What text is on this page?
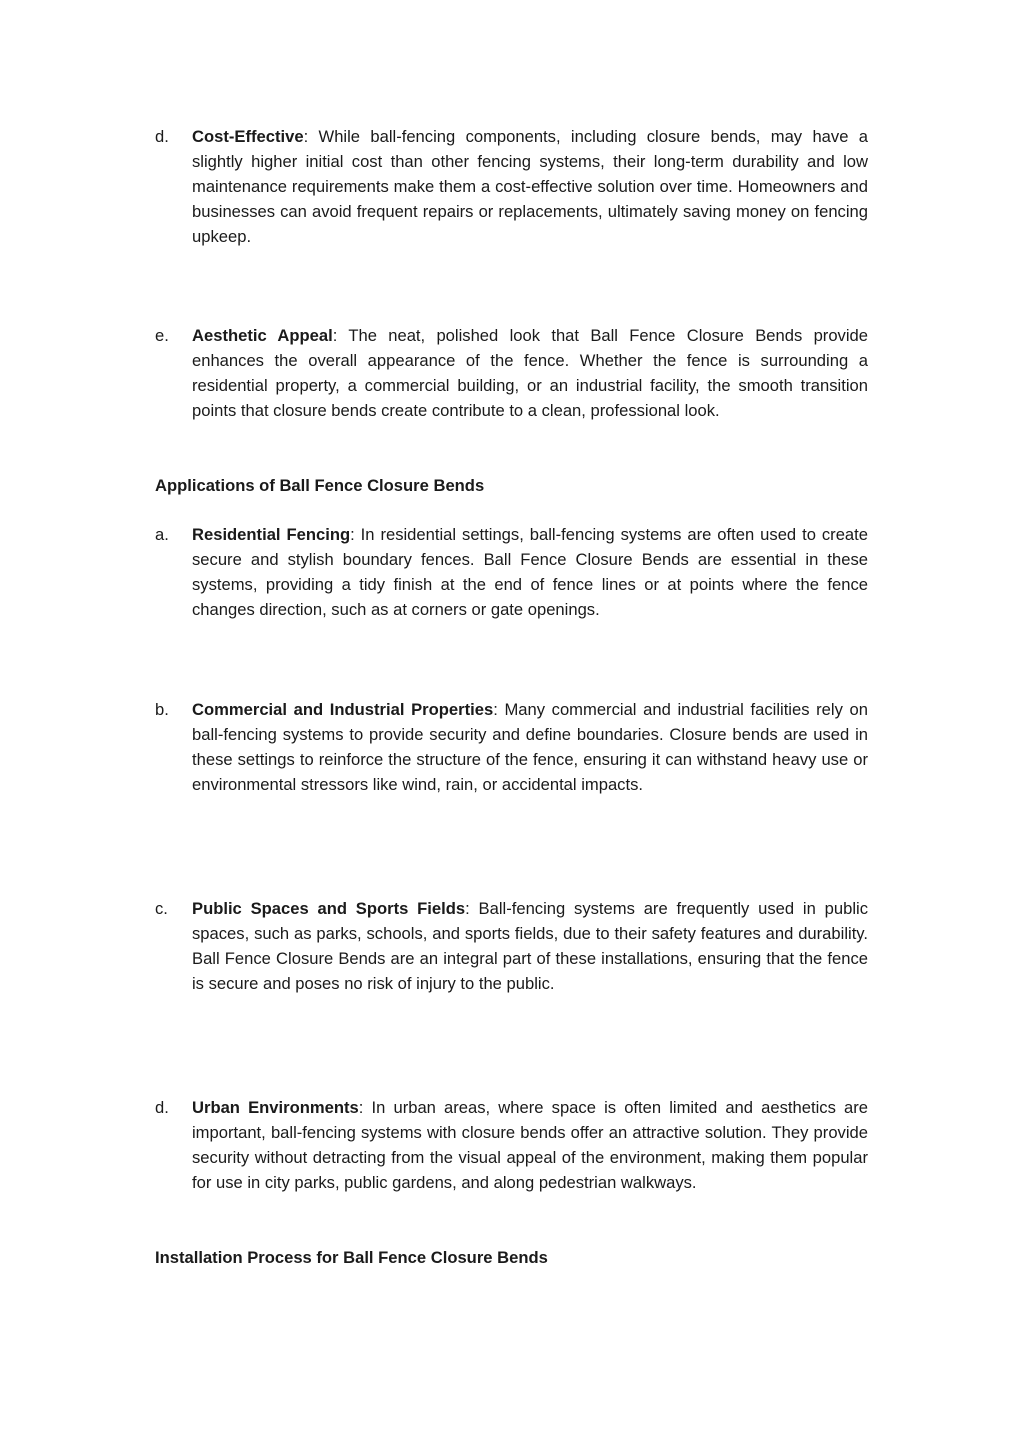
d.	Cost-Effective: While ball-fencing components, including closure bends, may have a slightly higher initial cost than other fencing systems, their long-term durability and low maintenance requirements make them a cost-effective solution over time. Homeowners and businesses can avoid frequent repairs or replacements, ultimately saving money on fencing upkeep.
e.	Aesthetic Appeal: The neat, polished look that Ball Fence Closure Bends provide enhances the overall appearance of the fence. Whether the fence is surrounding a residential property, a commercial building, or an industrial facility, the smooth transition points that closure bends create contribute to a clean, professional look.
Applications of Ball Fence Closure Bends
a.	Residential Fencing: In residential settings, ball-fencing systems are often used to create secure and stylish boundary fences. Ball Fence Closure Bends are essential in these systems, providing a tidy finish at the end of fence lines or at points where the fence changes direction, such as at corners or gate openings.
b.	Commercial and Industrial Properties: Many commercial and industrial facilities rely on ball-fencing systems to provide security and define boundaries. Closure bends are used in these settings to reinforce the structure of the fence, ensuring it can withstand heavy use or environmental stressors like wind, rain, or accidental impacts.
c.	Public Spaces and Sports Fields: Ball-fencing systems are frequently used in public spaces, such as parks, schools, and sports fields, due to their safety features and durability. Ball Fence Closure Bends are an integral part of these installations, ensuring that the fence is secure and poses no risk of injury to the public.
d.	Urban Environments: In urban areas, where space is often limited and aesthetics are important, ball-fencing systems with closure bends offer an attractive solution. They provide security without detracting from the visual appeal of the environment, making them popular for use in city parks, public gardens, and along pedestrian walkways.
Installation Process for Ball Fence Closure Bends
